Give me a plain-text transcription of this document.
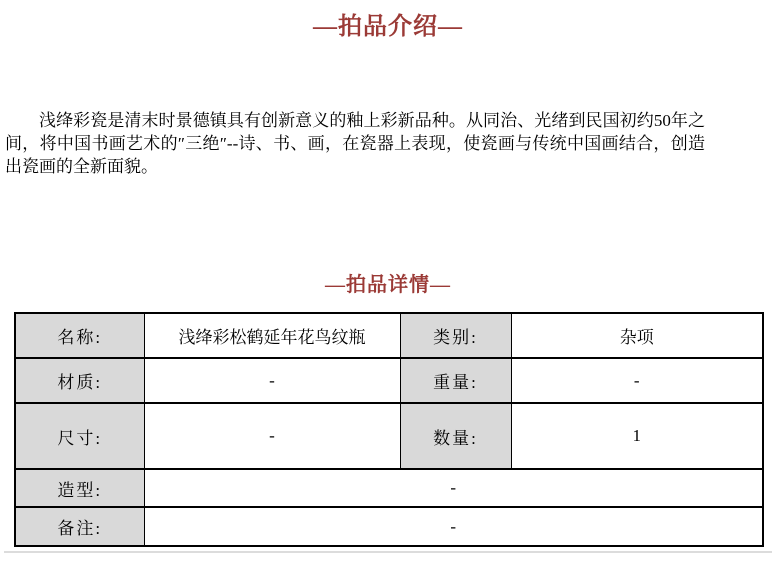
—拍品介绍—

浅绛彩瓷是清末时景德镇具有创新意义的釉上彩新品种。从同治、光绪到民国初约50年之间，将中国书画艺术的″三绝″--诗、书、画，在瓷器上表现，使瓷画与传统中国画结合，创造出瓷画的全新面貌。

—拍品详情—
名称:	浅绛彩松鹤延年花鸟纹瓶	类别:	杂项
材质:	-	重量:	-
尺寸:	-	数量:	1
造型:	-		
备注:	-		
